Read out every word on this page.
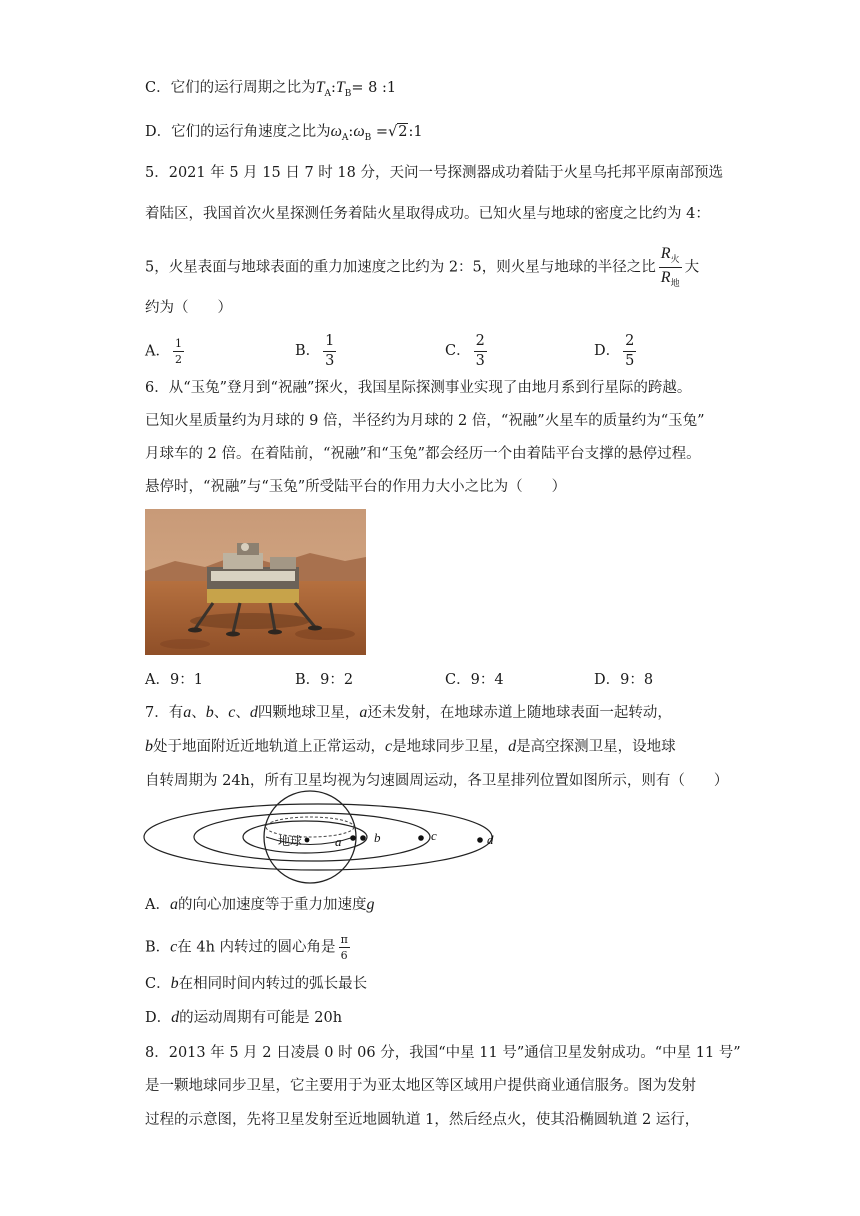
C．它们的运行周期之比为$T_A:T_B= 8$ :1
D．它们的运行角速度之比为$\omega_A:\omega_B$ =√2:1
5．2021 年 5 月 15 日 7 时 18 分，天问一号探测器成功着陆于火星乌托邦平原南部预选
着陆区，我国首次火星探测任务着陆火星取得成功。已知火星与地球的密度之比约为 4：
5，火星表面与地球表面的重力加速度之比约为 2：5，则火星与地球的半径之比 $\frac{R_火}{R_地}$ 大
约为（　　）
A． $\frac{1}{2}$	B． $\frac{1}{3}$	C． $\frac{2}{3}$	D． $\frac{2}{5}$
6．从“玉兔”登月到“祝融”探火，我国星际探测事业实现了由地月系到行星际的跨越。
已知火星质量约为月球的 9 倍，半径约为月球的 2 倍，“祝融”火星车的质量约为“玉兔”
月球车的 2 倍。在着陆前，“祝融”和“玉兔”都会经历一个由着陆平台支撑的悬停过程。
悬停时，“祝融”与“玉兔”所受陆平台的作用力大小之比为（　　）
A．9：1	B．9：2	C．9：4	D．9：8
7．有a、b、c、d四颗地球卫星，a还未发射，在地球赤道上随地球表面一起转动，
b处于地面附近近地轨道上正常运动，c是地球同步卫星，d是高空探测卫星，设地球
自转周期为 24h，所有卫星均视为匀速圆周运动，各卫星排列位置如图所示，则有（　　）
地球	a	b	c	d
A．a的向心加速度等于重力加速度g
B．c在 4h 内转过的圆心角是 $\frac{\pi}{6}$
C．b在相同时间内转过的弧长最长
D．d的运动周期有可能是 20h
8．2013 年 5 月 2 日凌晨 0 时 06 分，我国“中星 11 号”通信卫星发射成功。“中星 11 号”
是一颗地球同步卫星，它主要用于为亚太地区等区域用户提供商业通信服务。图为发射
过程的示意图，先将卫星发射至近地圆轨道 1，然后经点火，使其沿椭圆轨道 2 运行，
